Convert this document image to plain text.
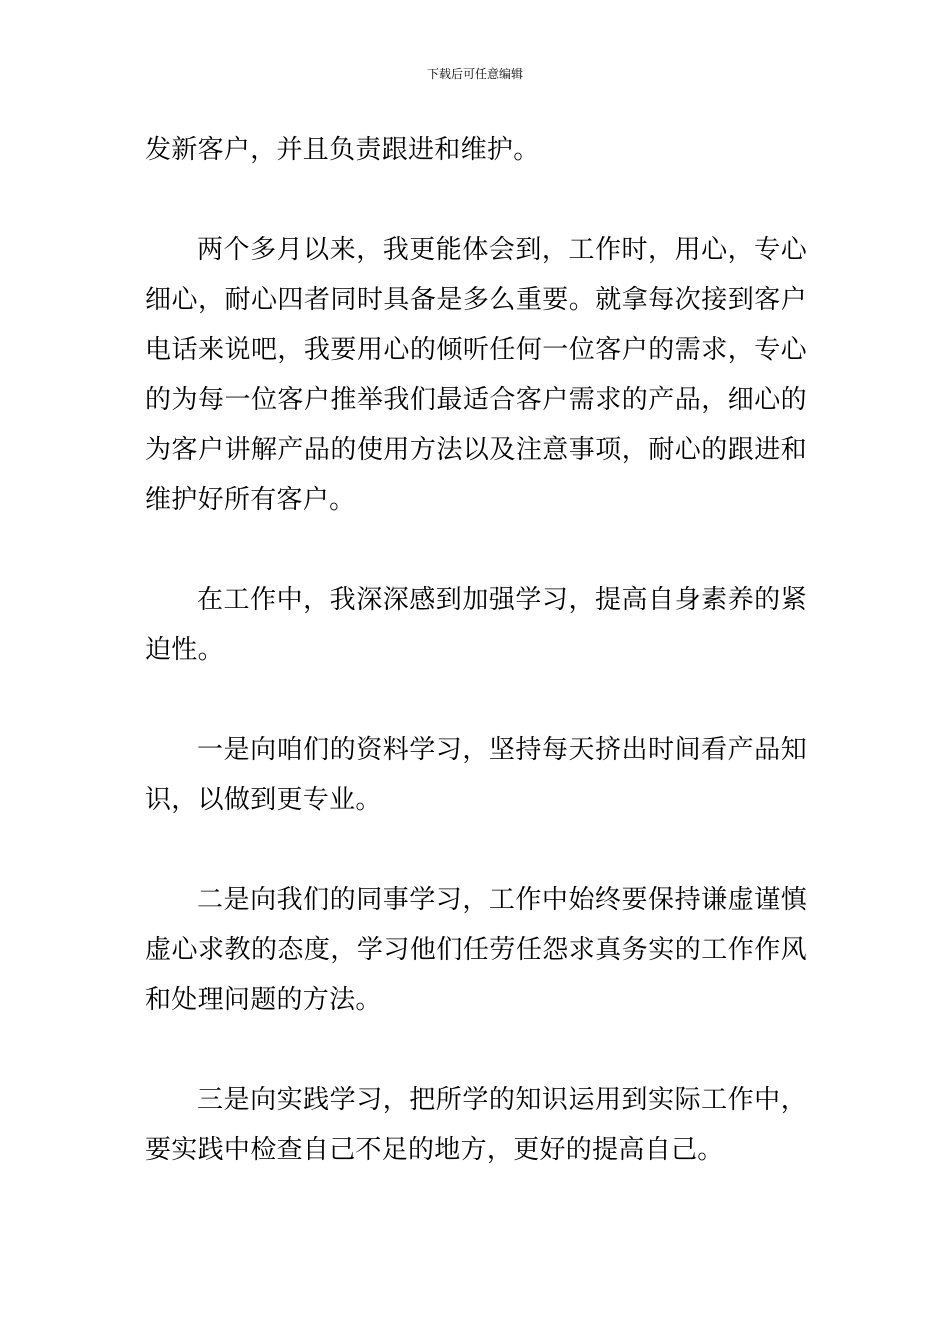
下载后可任意编辑

发新客户，并且负责跟进和维护。

两个多月以来，我更能体会到，工作时，用心，专心细心，耐心四者同时具备是多么重要。就拿每次接到客户电话来说吧，我要用心的倾听任何一位客户的需求，专心的为每一位客户推举我们最适合客户需求的产品，细心的为客户讲解产品的使用方法以及注意事项，耐心的跟进和维护好所有客户。

在工作中，我深深感到加强学习，提高自身素养的紧迫性。

一是向咱们的资料学习，坚持每天挤出时间看产品知识，以做到更专业。

二是向我们的同事学习，工作中始终要保持谦虚谨慎虚心求教的态度，学习他们任劳任怨求真务实的工作作风和处理问题的方法。

三是向实践学习，把所学的知识运用到实际工作中，要实践中检查自己不足的地方，更好的提高自己。
